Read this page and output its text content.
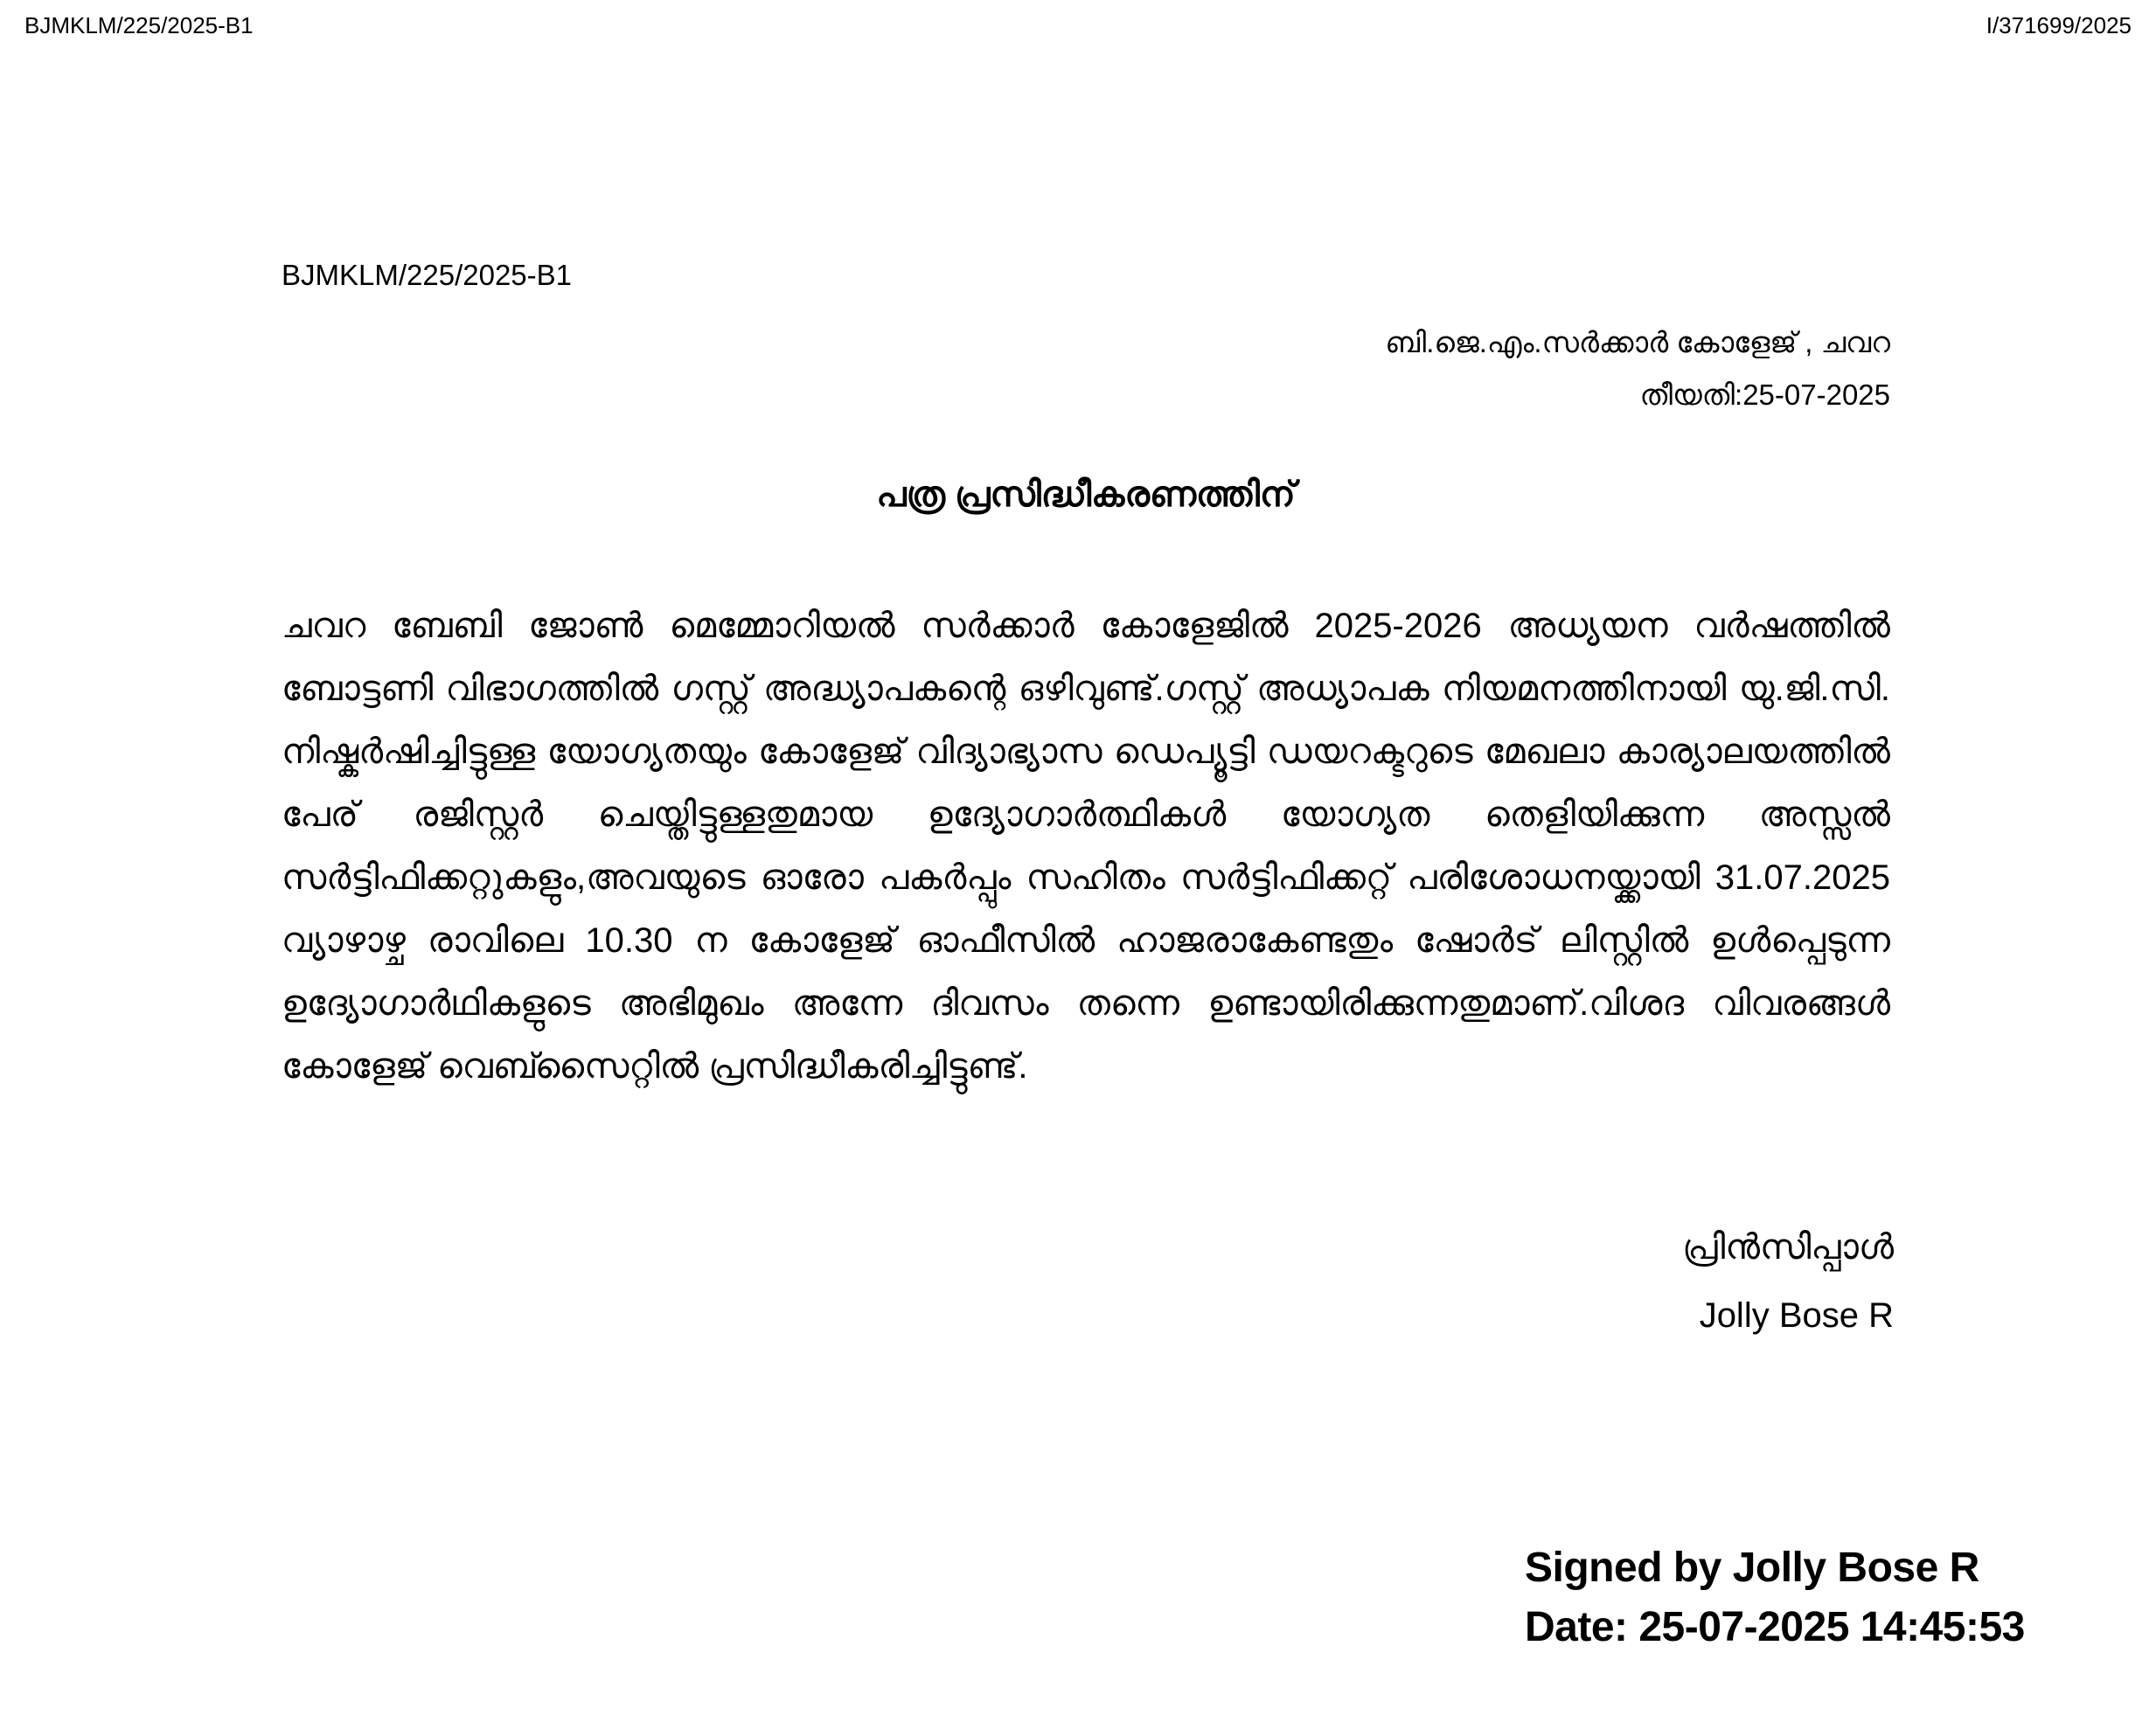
BJMKLM/225/2025-B1	I/371699/2025
BJMKLM/225/2025-B1
ബി.ജെ.എം.സർക്കാർ കോളേജ് , ചവറ
തീയതി:25-07-2025
പത്ര പ്രസിദ്ധീകരണത്തിന്

ചവറ ബേബി ജോൺ മെമ്മോറിയൽ സർക്കാർ കോളേജിൽ 2025-2026 അധ്യയന വർഷത്തിൽ ബോട്ടണി വിഭാഗത്തിൽ ഗസ്റ്റ് അദ്ധ്യാപകന്റെ ഒഴിവുണ്ട്.ഗസ്റ്റ് അധ്യാപക നിയമനത്തിനായി യു.ജി.സി. നിഷ്കർഷിച്ചിട്ടുള്ള യോഗ്യതയും കോളേജ് വിദ്യാഭ്യാസ ഡെപ്യൂട്ടി ഡയറക്ടറുടെ മേഖലാ കാര്യാലയത്തിൽ പേര് രജിസ്റ്റർ ചെയ്തിട്ടുള്ളതുമായ ഉദ്യോഗാർത്ഥികൾ യോഗ്യത തെളിയിക്കുന്ന അസ്സൽ സർട്ടിഫിക്കറ്റുകളും,അവയുടെ ഓരോ പകർപ്പും സഹിതം സർട്ടിഫിക്കറ്റ് പരിശോധനയ്ക്കായി 31.07.2025 വ്യാഴാഴ്ച രാവിലെ 10.30 ന കോളേജ് ഓഫീസിൽ ഹാജരാകേണ്ടതും ഷോർട് ലിസ്റ്റിൽ ഉൾപ്പെടുന്ന ഉദ്യോഗാർഥികളുടെ അഭിമുഖം അന്നേ ദിവസം തന്നെ ഉണ്ടായിരിക്കുന്നതുമാണ്.വിശദ വിവരങ്ങൾ കോളേജ് വെബ്സൈറ്റിൽ പ്രസിദ്ധീകരിച്ചിട്ടുണ്ട്.

പ്രിൻസിപ്പാൾ
Jolly Bose R
Signed by Jolly Bose R
Date: 25-07-2025 14:45:53
